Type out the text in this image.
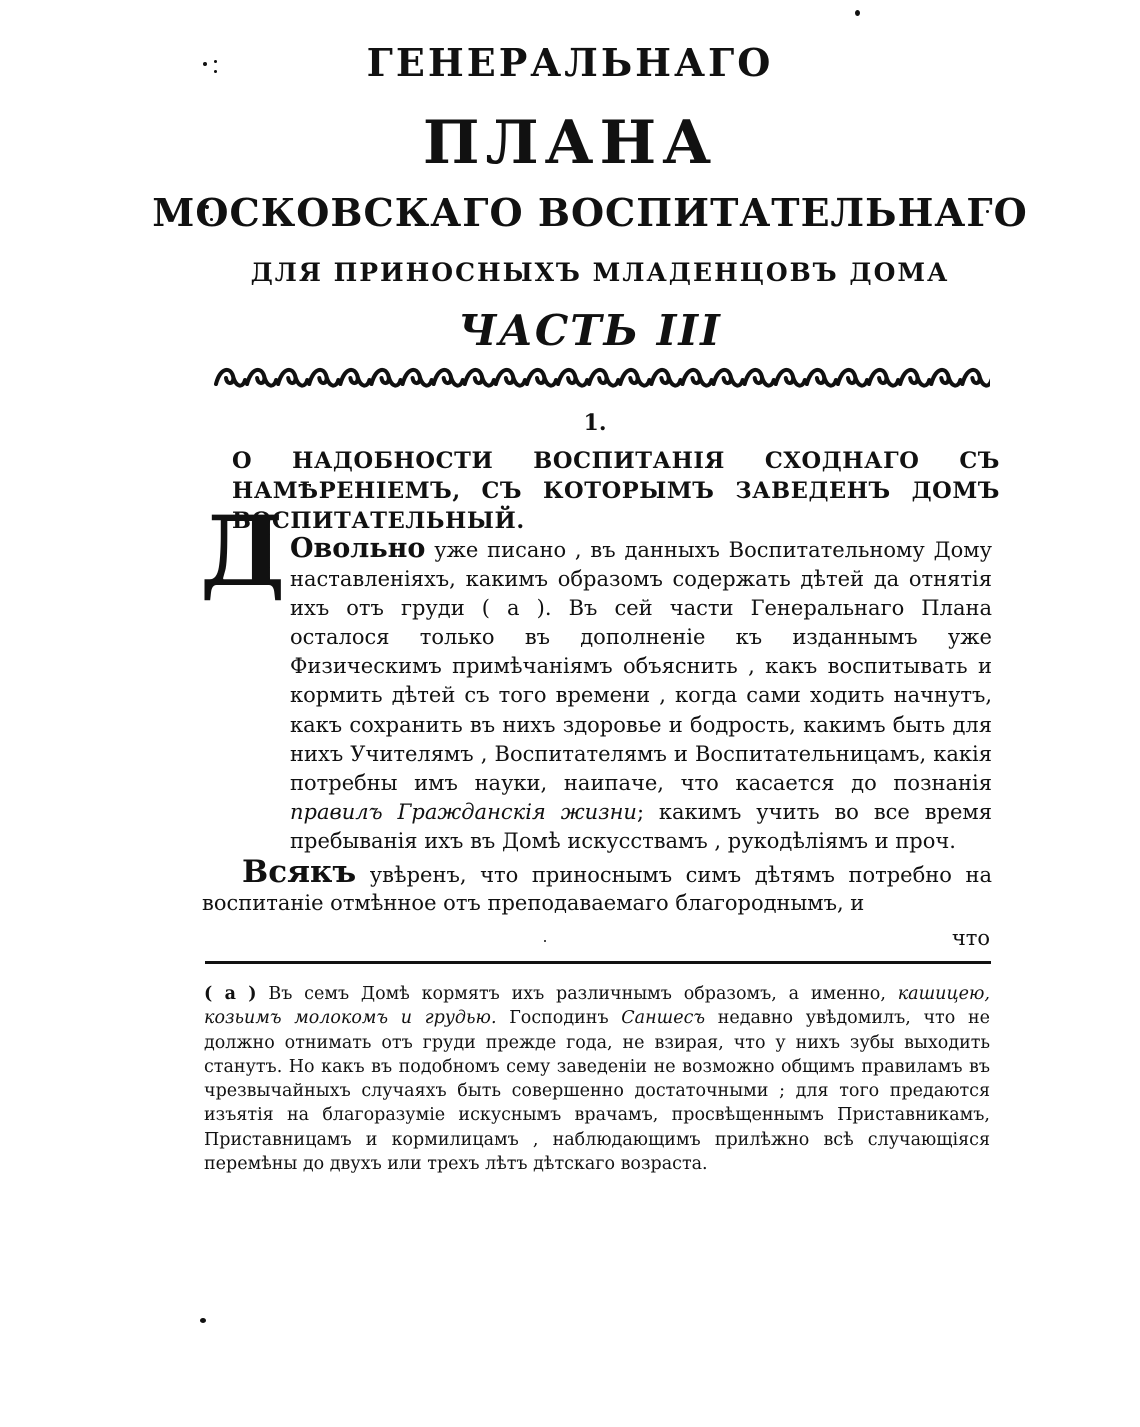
ГЕНЕРАЛЬНАГО
ПЛАНА
МОСКОВСКАГО ВОСПИТАТЕЛЬНАГО
ДЛЯ ПРИНОСНЫХЪ МЛАДЕНЦОВЪ ДОМА
ЧАСТЬ III
1.
О НАДОБНОСТИ ВОСПИТАНІЯ СХОДНАГО СЪ НАМѢРЕНІЕМЪ, СЪ КОТОРЫМЪ ЗАВЕДЕНЪ ДОМЪ ВОСПИТАТЕЛЬНЫЙ.
Д Овольно уже писано , въ данныхъ Воспитательному Дому наставленіяхъ, какимъ образомъ содержать дѣтей да отнятія ихъ отъ груди ( а ). Въ сей части Генеральнаго Плана осталося только въ дополненіе къ изданнымъ уже Физическимъ примѣчаніямъ объяснить , какъ воспитывать и кормить дѣтей съ того времени , когда сами ходить начнутъ, какъ сохранить въ нихъ здоровье и бодрость, какимъ быть для нихъ Учителямъ , Воспитателямъ и Воспитательницамъ, какія потребны имъ науки, наипаче, что касается до познанія правилъ Гражданскія жизни; какимъ учить во все время пребыванія ихъ въ Домѣ искусствамъ , рукодѣліямъ и проч.
Всякъ увѣренъ, что приноснымъ симъ дѣтямъ потребно на воспитаніе отмѣнное отъ преподаваемаго благороднымъ, и
что
( а ) Въ семъ Домѣ кормятъ ихъ различнымъ образомъ, а именно, кашицею, козьимъ молокомъ и грудью. Господинъ Саншесъ недавно увѣдомилъ, что не должно отнимать отъ груди прежде года, не взирая, что у нихъ зубы выходить станутъ. Но какъ въ подобномъ сему заведеніи не возможно общимъ правиламъ въ чрезвычайныхъ случаяхъ быть совершенно достаточными ; для того предаются изъятія на благоразуміе искуснымъ врачамъ, просвѣщеннымъ Приставникамъ, Приставницамъ и кормилицамъ , наблюдающимъ прилѣжно всѣ случающіяся перемѣны до двухъ или трехъ лѣтъ дѣтскаго возраста.
